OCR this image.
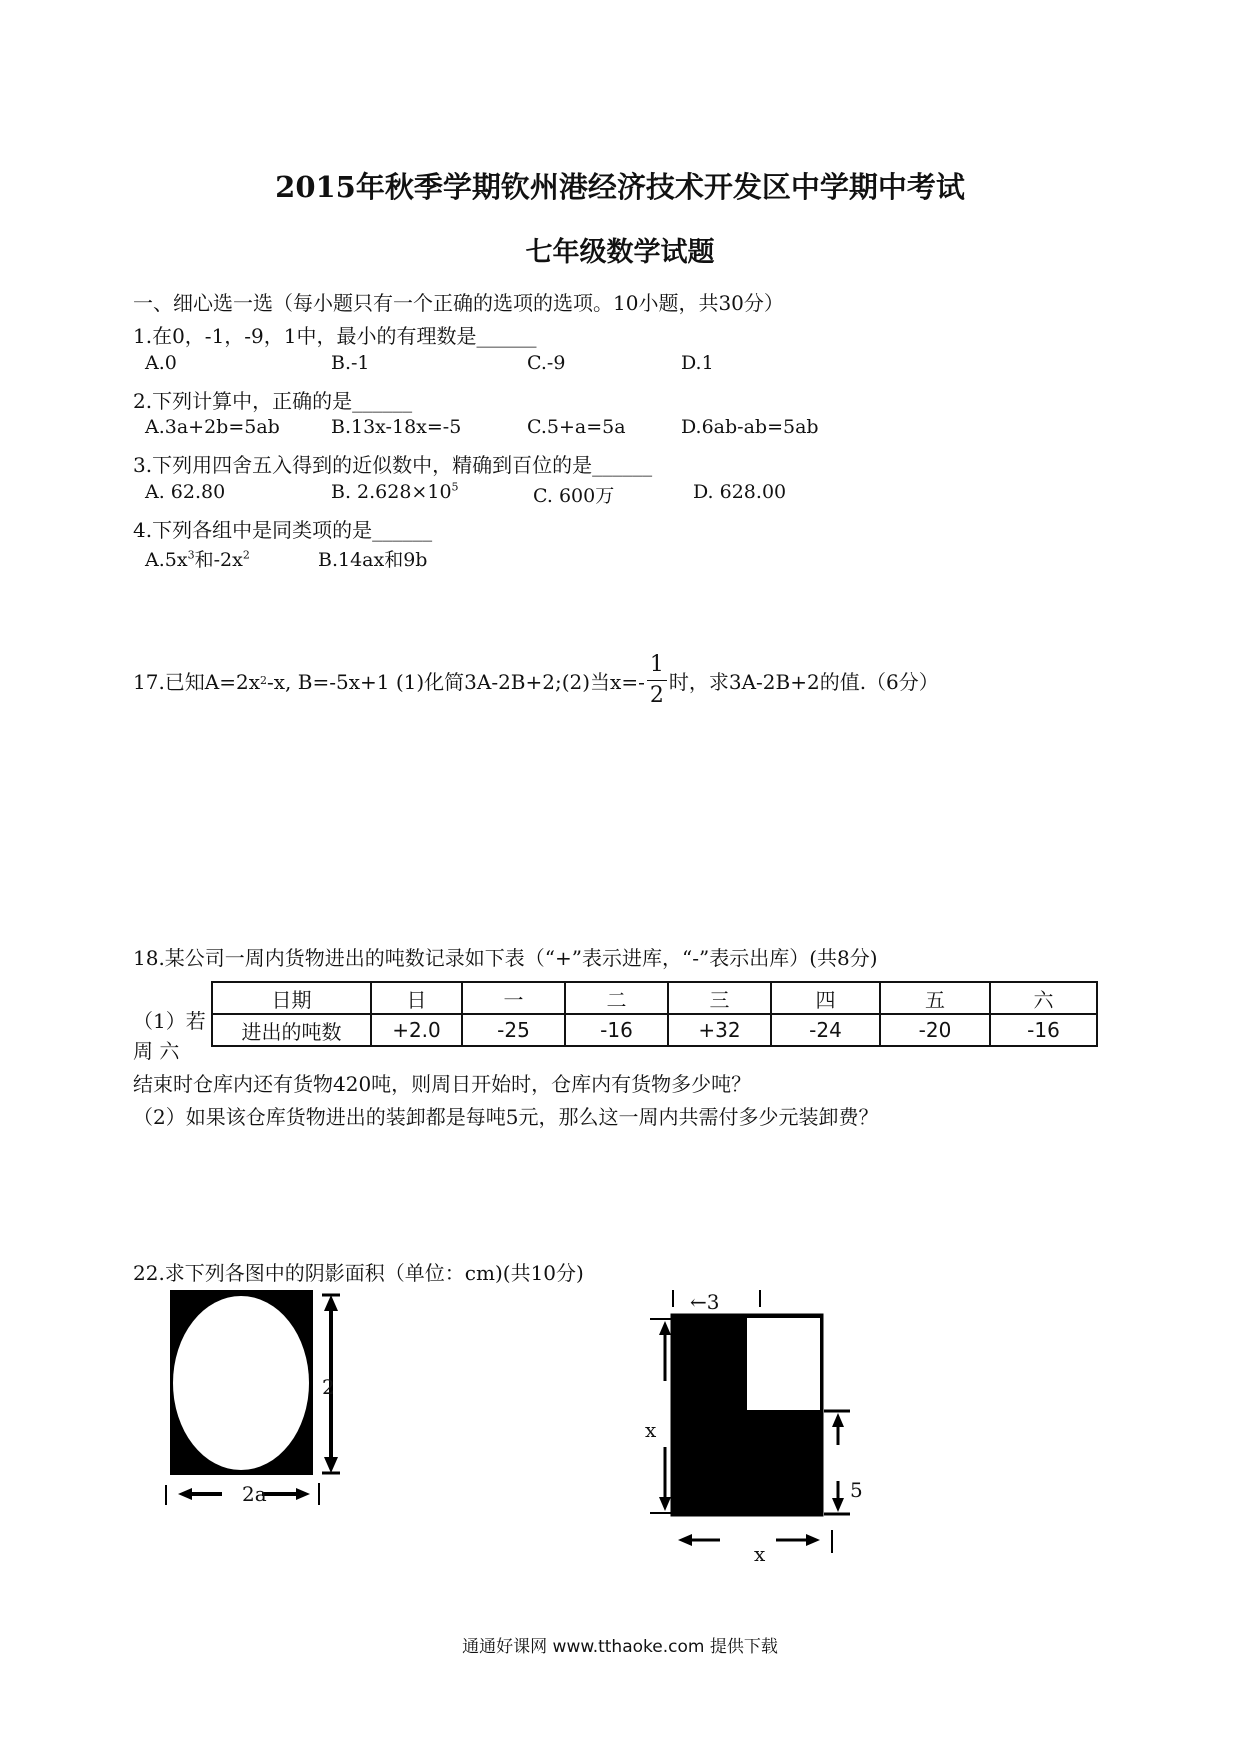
2015年秋季学期钦州港经济技术开发区中学期中考试
七年级数学试题
一、细心选一选（每小题只有一个正确的选项的选项。10小题，共30分）
1.在0，-1，-9，1中，最小的有理数是______
A.0	B.-1	C.-9	D.1
2.下列计算中，正确的是______
A.3a+2b=5ab	B.13x-18x=-5	C.5+a=5a	D.6ab-ab=5ab
3.下列用四舍五入得到的近似数中，精确到百位的是______
A. 62.80	B. $2.628\times 10^5$	C. 600万	D. 628.00
4.下列各组中是同类项的是______
$A.5x^3$和$-2x^2$	B.14ax和9b
17.已知A=2x 2 -x, B=-5x+1 (1)化简3A-2B+2;(2)当$x=- \frac{1}{2}$ 时，求3A-2B+2的值.（6分）
18.某公司一周内货物进出的吨数记录如下表（“+”表示进库，“-”表示出库）(共8分)
（1）若
周 六
日期	日	一	二	三	四	五	六
进出的吨数	+2.0	-25	-16	+32	-24	-20	-16
结束时仓库内还有货物420吨，则周日开始时，仓库内有货物多少吨？
（2）如果该仓库货物进出的装卸都是每吨5元，那么这一周内共需付多少元装卸费？
22.求下列各图中的阴影面积（单位：cm)(共10分)
2
2a
←3
x
5
x
通通好课网 www.tthaoke.com 提供下载
